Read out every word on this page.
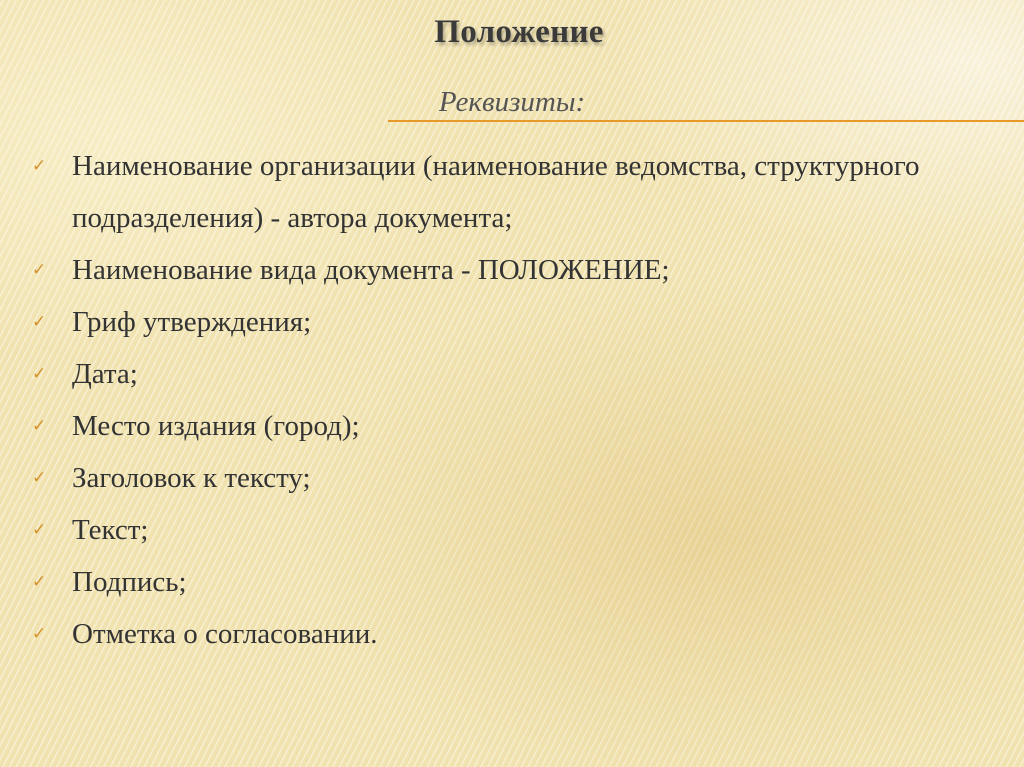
Положение
Реквизиты:
✓ Наименование организации (наименование ведомства, структурного подразделения) - автора документа;
✓ Наименование вида документа - ПОЛОЖЕНИЕ;
✓ Гриф утверждения;
✓ Дата;
✓ Место издания (город);
✓ Заголовок к тексту;
✓ Текст;
✓ Подпись;
✓ Отметка о согласовании.
